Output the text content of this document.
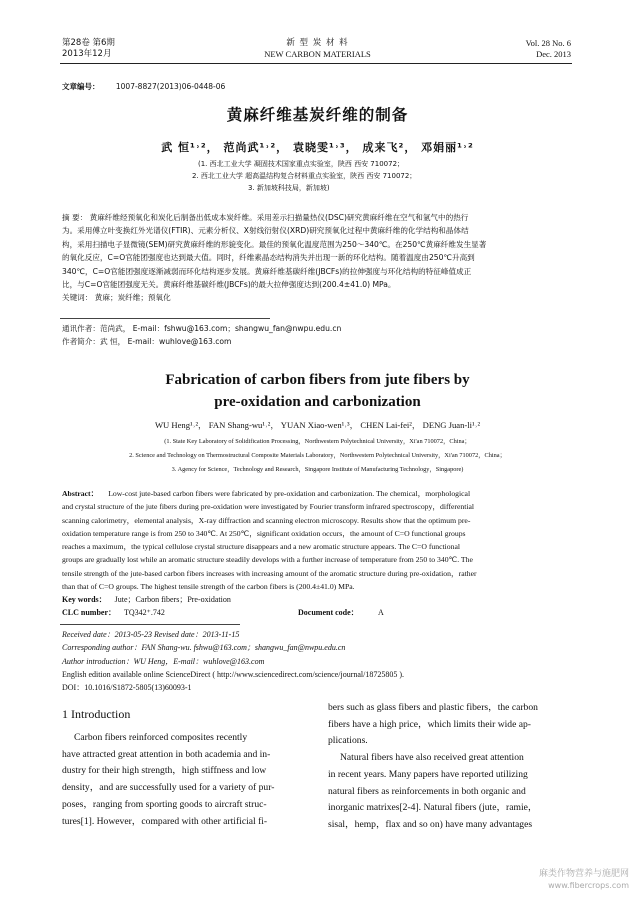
第28卷 第6期
2013年12月
新 型 炭 材 料
NEW CARBON MATERIALS
Vol. 28 No. 6
Dec. 2013
文章编号： 1007-8827(2013)06-0448-06
黄麻纤维基炭纤维的制备
武 恒¹˒²， 范尚武¹˒²， 袁晓雯¹˒³， 成来飞²， 邓娟丽¹˒²
(1. 西北工业大学 凝固技术国家重点实验室，陕西 西安 710072；
2. 西北工业大学 超高温结构复合材料重点实验室，陕西 西安 710072；
3. 新加坡科技局，新加坡)
摘 要： 黄麻纤维经预氧化和炭化后制备出低成本炭纤维。采用差示扫描量热仪(DSC)研究黄麻纤维在空气和氩气中的热行
为。采用傅立叶变换红外光谱仪(FTIR)、元素分析仪、X射线衍射仪(XRD)研究预氧化过程中黄麻纤维的化学结构和晶体结
构，采用扫描电子显微镜(SEM)研究黄麻纤维的形貌变化。最佳的预氧化温度范围为250～340℃。在250℃黄麻纤维发生显著
的氧化反应，C=O官能团强度也达到最大值。同时，纤维素晶态结构消失并出现一新的环化结构。随着温度由250℃升高到
340℃，C=O官能团强度逐渐减弱而环化结构逐步发展。黄麻纤维基碳纤维(JBCFs)的拉伸强度与环化结构的特征峰值成正
比，与C=O官能团强度无关。黄麻纤维基碳纤维(JBCFs)的最大拉伸强度达到(200.4±41.0) MPa。
关键词： 黄麻；炭纤维；预氧化
通讯作者：范尚武， E-mail：fshwu@163.com；shangwu_fan@nwpu.edu.cn
作者简介：武 恒， E-mail：wuhlove@163.com
Fabrication of carbon fibers from jute fibers by
pre-oxidation and carbonization
WU Heng¹˒²， FAN Shang-wu¹˒²， YUAN Xiao-wen¹˒³， CHEN Lai-fei²， DENG Juan-li¹˒²
(1. State Key Laboratory of Solidification Processing，Northwestern Polytechnical University，Xi'an 710072，China；
2. Science and Technology on Thermostructural Composite Materials Laboratory，Northwestern Polytechnical University，Xi'an 710072，China；
3. Agency for Science，Technology and Research，Singapore Institute of Manufacturing Technology，Singapore)
Abstract： Low-cost jute-based carbon fibers were fabricated by pre-oxidation and carbonization. The chemical，morphological
and crystal structure of the jute fibers during pre-oxidation were investigated by Fourier transform infrared spectroscopy，differential
scanning calorimetry，elemental analysis，X-ray diffraction and scanning electron microscopy. Results show that the optimum pre-
oxidation temperature range is from 250 to 340℃. At 250℃，significant oxidation occurs，the amount of C=O functional groups
reaches a maximum，the typical cellulose crystal structure disappears and a new aromatic structure appears. The C=O functional
groups are gradually lost while an aromatic structure steadily develops with a further increase of temperature from 250 to 340℃. The
tensile strength of the jute-based carbon fibers increases with increasing amount of the aromatic structure during pre-oxidation，rather
than that of C=O groups. The highest tensile strength of the carbon fibers is (200.4±41.0) MPa.
Key words： Jute；Carbon fibers；Pre-oxidation
CLC number： TQ342⁺.742	Document code： A
Received date：2013-05-23 Revised date：2013-11-15
Corresponding author：FAN Shang-wu. fshwu@163.com；shangwu_fan@nwpu.edu.cn
Author introduction：WU Heng，E-mail：wuhlove@163.com
English edition available online ScienceDirect ( http://www.sciencedirect.com/science/journal/18725805 ).
DOI：10.1016/S1872-5805(13)60093-1
1 Introduction
Carbon fibers reinforced composites recently
have attracted great attention in both academia and in-
dustry for their high strength，high stiffness and low
density，and are successfully used for a variety of pur-
poses，ranging from sporting goods to aircraft struc-
tures[1]. However，compared with other artificial fi-
bers such as glass fibers and plastic fibers，the carbon
fibers have a high price，which limits their wide ap-
plications.
Natural fibers have also received great attention
in recent years. Many papers have reported utilizing
natural fibers as reinforcements in both organic and
inorganic matrixes[2-4]. Natural fibers (jute，ramie，
sisal，hemp，flax and so on) have many advantages
麻类作物营养与施肥网
www.fibercrops.com
